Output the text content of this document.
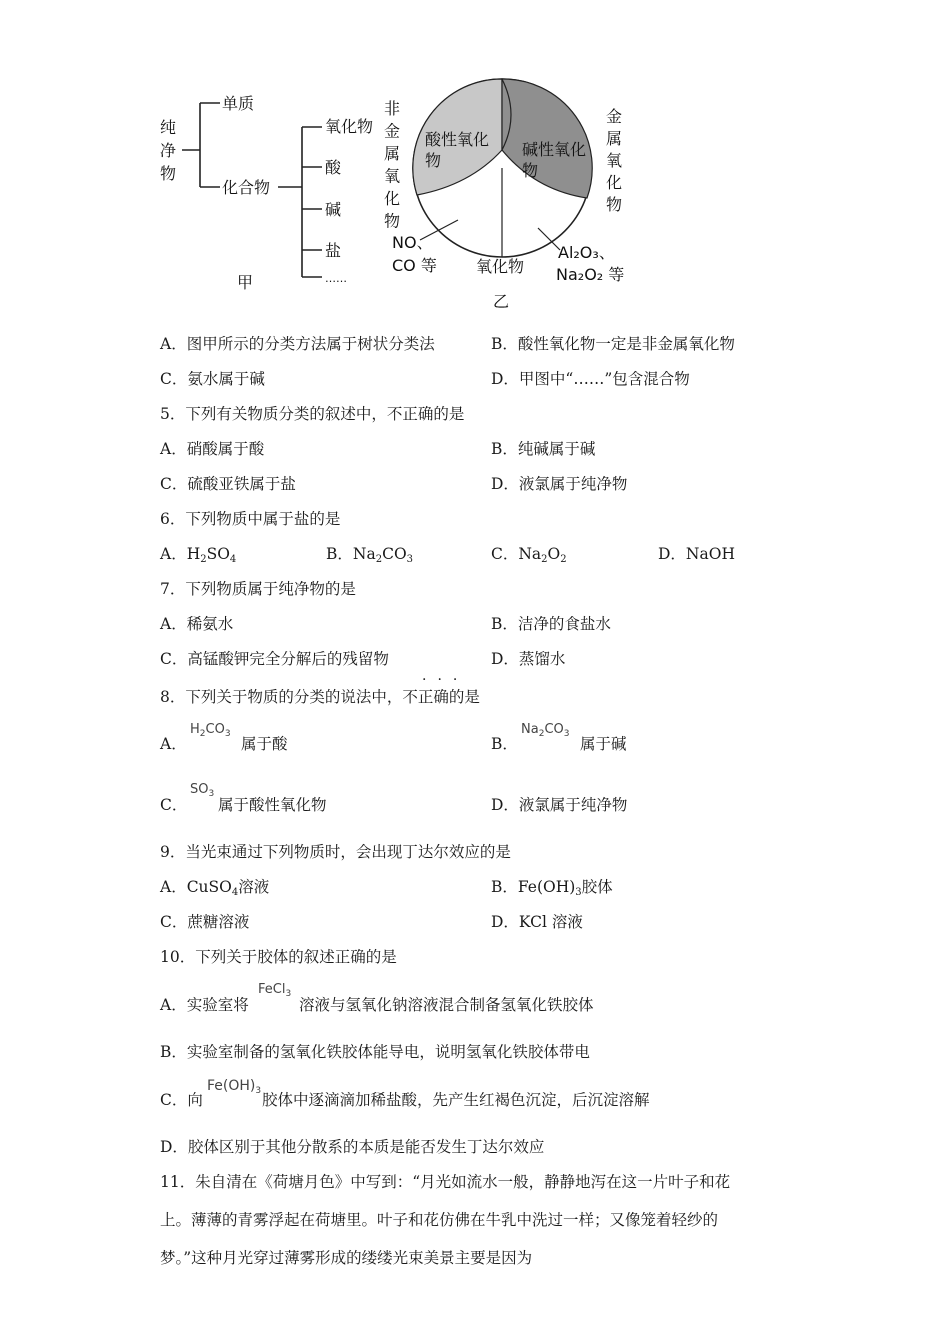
纯
净
物
单质
化合物
氧化物
酸
碱
盐
……
甲
酸性氧化
物
碱性氧化
物
非
金
属
氧
化
物
金
属
氧
化
物
NO、
CO 等 氧化物
Al₂O₃、
Na₂O₂ 等
乙
A．图甲所示的分类方法属于树状分类法	B．酸性氧化物一定是非金属氧化物
C．氨水属于碱	D．甲图中“……”包含混合物
5．下列有关物质分类的叙述中，不正确的是
A．硝酸属于酸	B．纯碱属于碱
C．硫酸亚铁属于盐	D．液氯属于纯净物
6．下列物质中属于盐的是
A．$H_2SO_4$	B．$Na_2CO_3$	C．$Na_2O_2$	D．NaOH
7．下列物质属于纯净物的是
A．稀氨水	B．洁净的食盐水
C．高锰酸钾完全分解后的残留物	D．蒸馏水
···
8．下列关于物质的分类的说法中，不正确的是
A．
$H_2CO_3$
属于酸	B．
$Na_2CO_3$
属于碱
C．
$SO_3$
属于酸性氧化物	D．液氯属于纯净物
9．当光束通过下列物质时，会出现丁达尔效应的是
A．CuSO$_4$溶液	B．$Fe(OH)_3$胶体
C．蔗糖溶液	D．KCl 溶液
10．下列关于胶体的叙述正确的是
A．实验室将
FeCl$_3$
溶液与氢氧化钠溶液混合制备氢氧化铁胶体
B．实验室制备的氢氧化铁胶体能导电，说明氢氧化铁胶体带电
C．向
$Fe(OH)_3$ 胶体中逐滴滴加稀盐酸，先产生红褐色沉淀，后沉淀溶解
D．胶体区别于其他分散系的本质是能否发生丁达尔效应
11．朱自清在《荷塘月色》中写到：“月光如流水一般，静静地泻在这一片叶子和花
上。薄薄的青雾浮起在荷塘里。叶子和花仿佛在牛乳中洗过一样；又像笼着轻纱的
梦。”这种月光穿过薄雾形成的缕缕光束美景主要是因为
